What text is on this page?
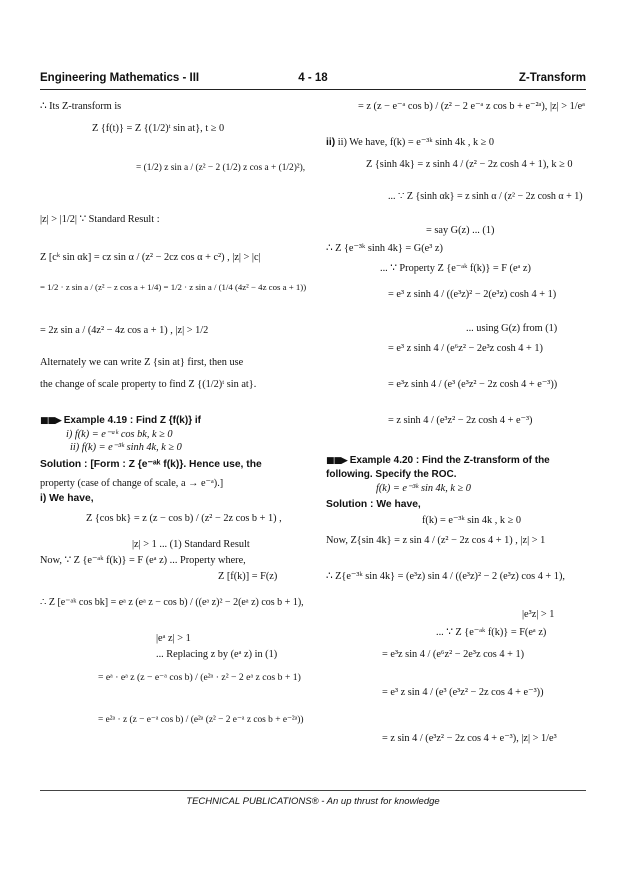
Engineering Mathematics - III	4 - 18	Z-Transform
∴ Its Z-transform is
Z {f(t)} = Z {(1/2)ᵗ sin at}, t ≥ 0
= (1/2) z sin a / (z² − 2 (1/2) z cos a + (1/2)²),
|z| > |1/2| ∵ Standard Result :
Z [cᵏ sin αk] = cz sin α / (z² − 2cz cos α + c²) , |z| > |c|
= 1/2 · z sin a / (z² − z cos a + 1/4) = 1/2 · z sin a / (1/4 (4z² − 4z cos a + 1))
= 2z sin a / (4z² − 4z cos a + 1) , |z| > 1/2
Alternately we can write Z {sin at} first, then use
the change of scale property to find Z {(1/2)ᵗ sin at}.
■■▶ Example 4.19 : Find Z {f(k)} if
i) f(k) = e⁻ᵃᵏ cos bk, k ≥ 0
ii) f(k) = e⁻³ᵏ sinh 4k, k ≥ 0
Solution : [Form : Z {e⁻ᵃᵏ f(k)}. Hence use, the
property (case of change of scale, a → e⁻ᵃ).]
i) We have,
Z {cos bk} = z (z − cos b) / (z² − 2z cos b + 1) ,
|z| > 1 ... (1) Standard Result
Now, ∵ Z {e⁻ᵃᵏ f(k)} = F (eᵃ z) ... Property where,
Z [f(k)] = F(z)
∴ Z [e⁻ᵃᵏ cos bk] = eᵃ z (eᵃ z − cos b) / ((eᵃ z)² − 2(eᵃ z) cos b + 1),
|eᵃ z| > 1
... Replacing z by (eᵃ z) in (1)
= eᵃ · eᵃ z (z − e⁻ᵃ cos b) / (e²ᵃ · z² − 2 eᵃ z cos b + 1)
= e²ᵃ · z (z − e⁻ᵃ cos b) / (e²ᵃ (z² − 2 e⁻ᵃ z cos b + e⁻²ᵃ))
= z (z − e⁻ᵃ cos b) / (z² − 2 e⁻ᵃ z cos b + e⁻²ᵃ), |z| > 1/eᵃ
ii) ii) We have, f(k) = e⁻³ᵏ sinh 4k , k ≥ 0
Z {sinh 4k} = z sinh 4 / (z² − 2z cosh 4 + 1), k ≥ 0
... ∵ Z {sinh αk} = z sinh α / (z² − 2z cosh α + 1)
= say G(z) ... (1)
∴ Z {e⁻³ᵏ sinh 4k} = G(e³ z)
... ∵ Property Z {e⁻ᵃᵏ f(k)} = F (eᵃ z)
= e³ z sinh 4 / ((e³z)² − 2(e³z) cosh 4 + 1)
... using G(z) from (1)
= e³ z sinh 4 / (e⁶z² − 2e³z cosh 4 + 1)
= e³z sinh 4 / (e³ (e³z² − 2z cosh 4 + e⁻³))
= z sinh 4 / (e³z² − 2z cosh 4 + e⁻³)
■■▶ Example 4.20 : Find the Z-transform of the following. Specify the ROC.
f(k) = e⁻³ᵏ sin 4k, k ≥ 0
Solution : We have,
f(k) = e⁻³ᵏ sin 4k , k ≥ 0
Now, Z{sin 4k} = z sin 4 / (z² − 2z cos 4 + 1) , |z| > 1
∴ Z{e⁻³ᵏ sin 4k} = (e³z) sin 4 / ((e³z)² − 2 (e³z) cos 4 + 1),
|e³z| > 1
... ∵ Z {e⁻ᵃᵏ f(k)} = F(eᵃ z)
= e³z sin 4 / (e⁶z² − 2e³z cos 4 + 1)
= e³ z sin 4 / (e³ (e³z² − 2z cos 4 + e⁻³))
= z sin 4 / (e³z² − 2z cos 4 + e⁻³), |z| > 1/e³
TECHNICAL PUBLICATIONS® - An up thrust for knowledge
